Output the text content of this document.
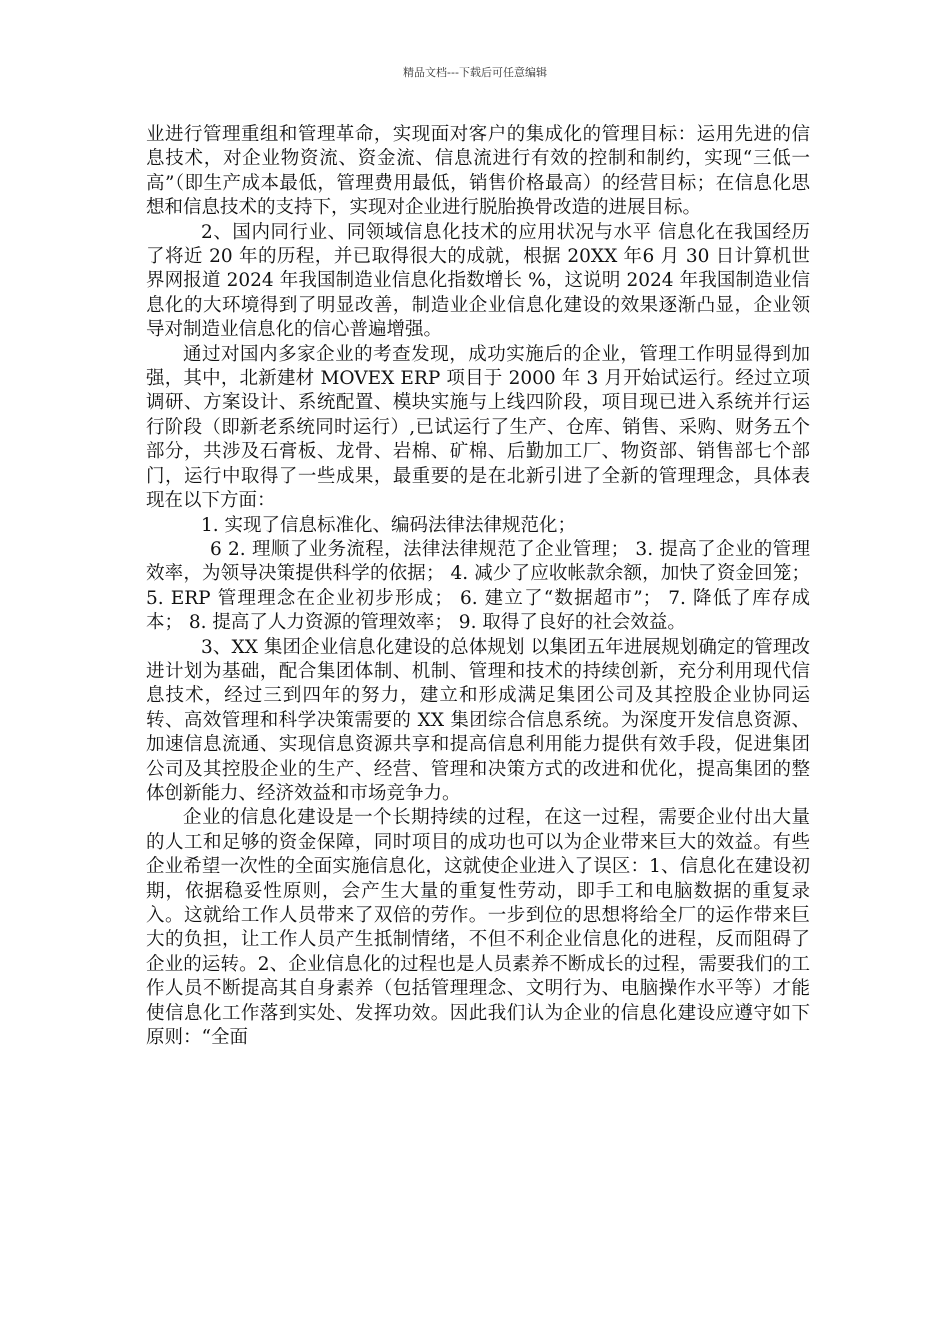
精品文档---下载后可任意编辑

业进行管理重组和管理革命，实现面对客户的集成化的管理目标：运用先进的信息技术，对企业物资流、资金流、信息流进行有效的控制和制约，实现“三低一高”（即生产成本最低，管理费用最低，销售价格最高）的经营目标；在信息化思想和信息技术的支持下，实现对企业进行脱胎换骨改造的进展目标。

2、国内同行业、同领域信息化技术的应用状况与水平 信息化在我国经历了将近 20 年的历程，并已取得很大的成就，根据 20XX 年6 月 30 日计算机世界网报道 2024 年我国制造业信息化指数增长 %，这说明 2024 年我国制造业信息化的大环境得到了明显改善，制造业企业信息化建设的效果逐渐凸显，企业领导对制造业信息化的信心普遍增强。

通过对国内多家企业的考查发现，成功实施后的企业，管理工作明显得到加强，其中，北新建材 MOVEX ERP 项目于 2000 年 3 月开始试运行。经过立项调研、方案设计、系统配置、模块实施与上线四阶段，项目现已进入系统并行运行阶段（即新老系统同时运行）,已试运行了生产、仓库、销售、采购、财务五个部分，共涉及石膏板、龙骨、岩棉、矿棉、后勤加工厂、物资部、销售部七个部门，运行中取得了一些成果，最重要的是在北新引进了全新的管理理念，具体表现在以下方面：

1. 实现了信息标准化、编码法律法律规范化；

6 2. 理顺了业务流程，法律法律规范了企业管理； 3. 提高了企业的管理效率，为领导决策提供科学的依据； 4. 减少了应收帐款余额，加快了资金回笼； 5. ERP 管理理念在企业初步形成； 6. 建立了“数据超市”； 7. 降低了库存成本； 8. 提高了人力资源的管理效率； 9. 取得了良好的社会效益。

3、XX 集团企业信息化建设的总体规划 以集团五年进展规划确定的管理改进计划为基础，配合集团体制、机制、管理和技术的持续创新，充分利用现代信息技术，经过三到四年的努力，建立和形成满足集团公司及其控股企业协同运转、高效管理和科学决策需要的 XX 集团综合信息系统。为深度开发信息资源、加速信息流通、实现信息资源共享和提高信息利用能力提供有效手段，促进集团公司及其控股企业的生产、经营、管理和决策方式的改进和优化，提高集团的整体创新能力、经济效益和市场竞争力。

企业的信息化建设是一个长期持续的过程，在这一过程，需要企业付出大量的人工和足够的资金保障，同时项目的成功也可以为企业带来巨大的效益。有些企业希望一次性的全面实施信息化，这就使企业进入了误区：1、信息化在建设初期，依据稳妥性原则，会产生大量的重复性劳动，即手工和电脑数据的重复录入。这就给工作人员带来了双倍的劳作。一步到位的思想将给全厂的运作带来巨大的负担，让工作人员产生抵制情绪，不但不利企业信息化的进程，反而阻碍了企业的运转。2、企业信息化的过程也是人员素养不断成长的过程，需要我们的工作人员不断提高其自身素养（包括管理理念、文明行为、电脑操作水平等）才能使信息化工作落到实处、发挥功效。因此我们认为企业的信息化建设应遵守如下原则：“全面
